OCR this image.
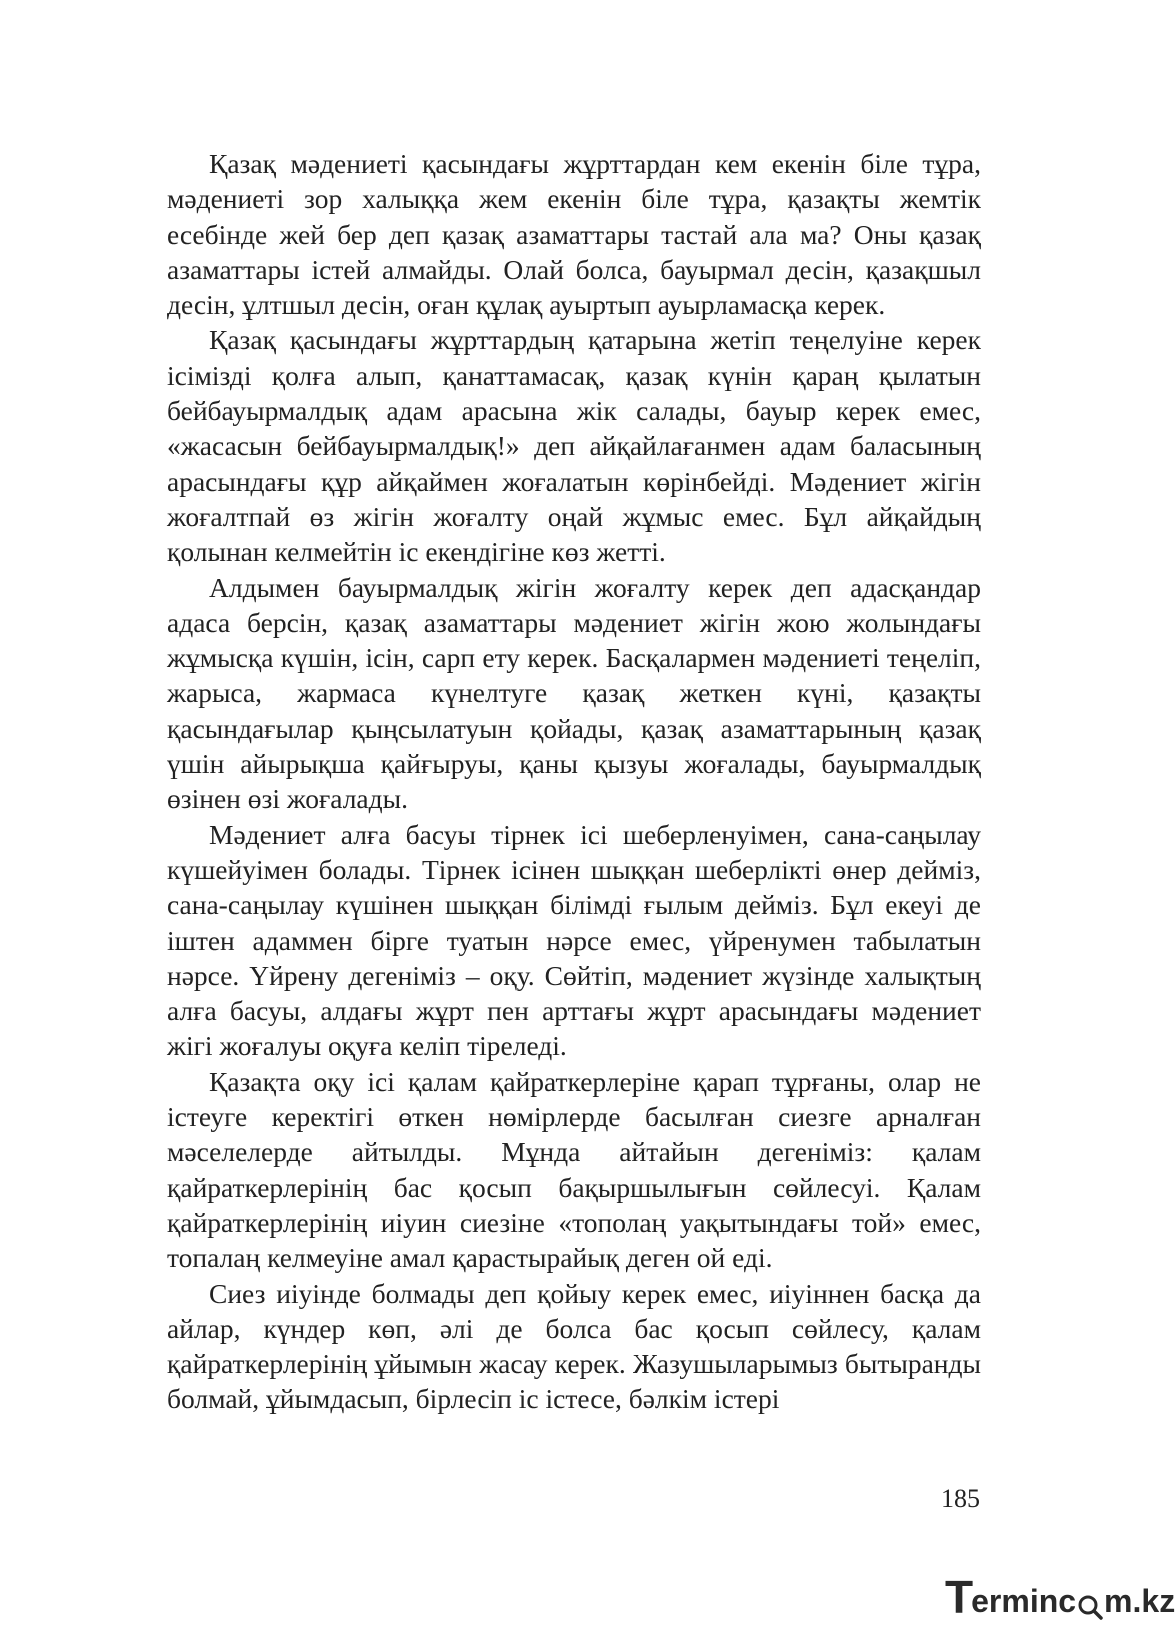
Қазақ мәдениеті қасындағы жұрттардан кем екенін біле тұра, мәдениеті зор халыққа жем екенін біле тұра, қазақты жемтік есебінде жей бер деп қазақ азаматтары тастай ала ма? Оны қазақ азаматтары істей алмайды. Олай болса, бауырмал десін, қазақшыл десін, ұлтшыл десін, оған құлақ ауыртып ауырламасқа керек.

Қазақ қасындағы жұрттардың қатарына жетіп теңелуіне керек ісімізді қолға алып, қанаттамасақ, қазақ күнін қараң қылатын бейбауырмалдық адам арасына жік салады, бауыр керек емес, «жасасын бейбауырмалдық!» деп айқайлағанмен адам баласының арасындағы құр айқаймен жоғалатын көрінбейді. Мәдениет жігін жоғалтпай өз жігін жоғалту оңай жұмыс емес. Бұл айқайдың қолынан келмейтін іс екендігіне көз жетті.

Алдымен бауырмалдық жігін жоғалту керек деп адасқандар адаса берсін, қазақ азаматтары мәдениет жігін жою жолындағы жұмысқа күшін, ісін, сарп ету керек. Басқалармен мәдениеті теңеліп, жарыса, жармаса күнелтуге қазақ жеткен күні, қазақты қасындағылар қыңсылатуын қойады, қазақ азаматтарының қазақ үшін айырықша қайғыруы, қаны қызуы жоғалады, бауырмалдық өзінен өзі жоғалады.

Мәдениет алға басуы тірнек ісі шеберленуімен, сана-саңылау күшейуімен болады. Тірнек ісінен шыққан шеберлікті өнер дейміз, сана-саңылау күшінен шыққан білімді ғылым дейміз. Бұл екеуі де іштен адаммен бірге туатын нәрсе емес, үйренумен табылатын нәрсе. Үйрену дегеніміз – оқу. Сөйтіп, мәдениет жүзінде халықтың алға басуы, алдағы жұрт пен арттағы жұрт арасындағы мәдениет жігі жоғалуы оқуға келіп тіреледі.

Қазақта оқу ісі қалам қайраткерлеріне қарап тұрғаны, олар не істеуге керектігі өткен нөмірлерде басылған сиезге арналған мәселелерде айтылды. Мұнда айтайын дегеніміз: қалам қайраткерлерінің бас қосып бақыршылығын сөйлесуі. Қалам қайраткерлерінің иіуин сиезіне «тополаң уақытындағы той» емес, топалаң келмеуіне амал қарастырайық деген ой еді.

Сиез иіуінде болмады деп қойыу керек емес, иіуіннен басқа да айлар, күндер көп, әлі де болса бас қосып сөйлесу, қалам қайраткерлерінің ұйымын жасау керек. Жазушыларымыз бытыранды болмай, ұйымдасып, бірлесіп іс істесе, бәлкім істері

185
T
erminc m.kz
